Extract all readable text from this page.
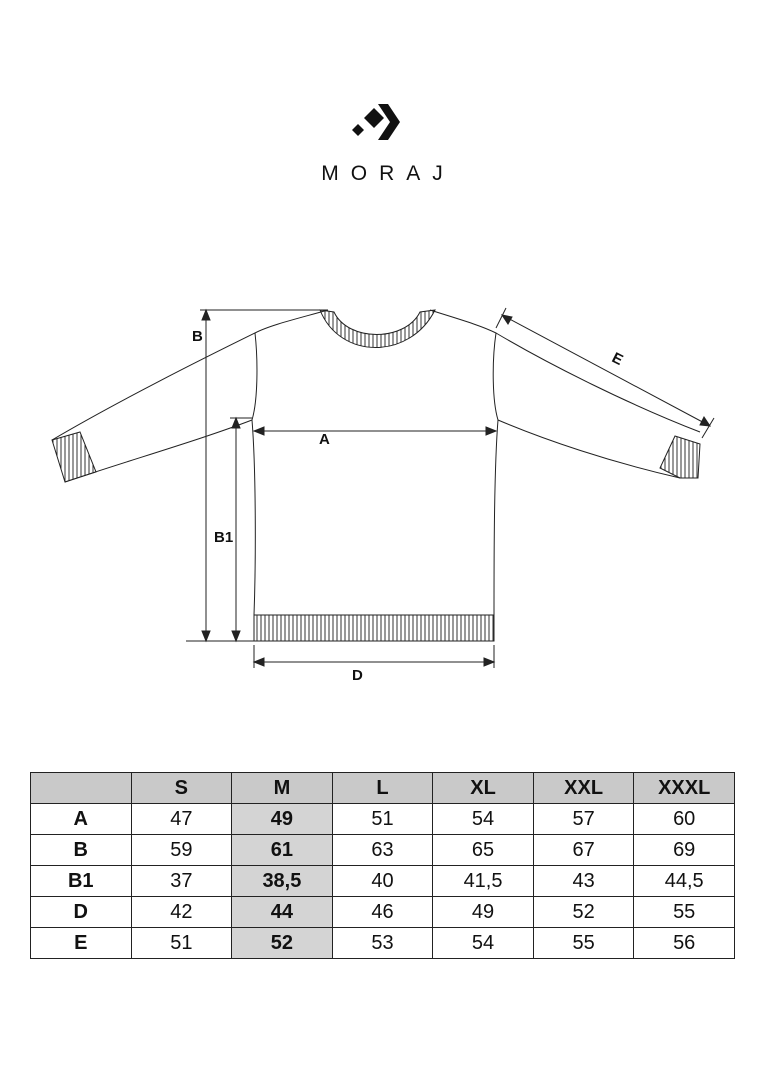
MORAJ
B
B1
A
D
E
	S	M	L	XL	XXL	XXXL
A	47	49	51	54	57	60
B	59	61	63	65	67	69
B1	37	38,5	40	41,5	43	44,5
D	42	44	46	49	52	55
E	51	52	53	54	55	56
